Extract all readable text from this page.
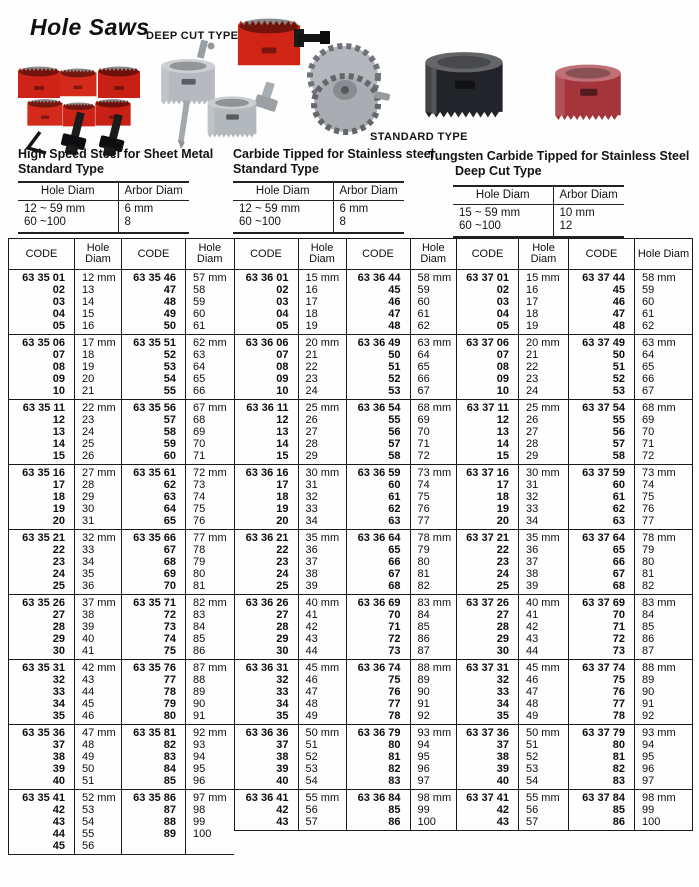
Hole Saws
DEEP CUT TYPE
STANDARD TYPE
High Speed Steel for Sheet Metal
Standard Type
Carbide Tipped for Stainless steel
Standard Type
Tungsten Carbide Tipped for Stainless Steel
Deep Cut Type
Hole Diam	Arbor Diam
12 ~ 59 mm	6 mm
60 ~100	8
Hole Diam	Arbor Diam
12 ~ 59 mm	6 mm
60 ~100	8
Hole Diam	Arbor Diam
15 ~ 59 mm	10 mm
60 ~100	12
CODE	Hole Diam	CODE	Hole Diam
63 35 01	12 mm	63 35 46	57 mm
02	13	47	58
03	14	48	59
04	15	49	60
05	16	50	61
63 35 06	17 mm	63 35 51	62 mm
07	18	52	63
08	19	53	64
09	20	54	65
10	21	55	66
63 35 11	22 mm	63 35 56	67 mm
12	23	57	68
13	24	58	69
14	25	59	70
15	26	60	71
63 35 16	27 mm	63 35 61	72 mm
17	28	62	73
18	29	63	74
19	30	64	75
20	31	65	76
63 35 21	32 mm	63 35 66	77 mm
22	33	67	78
23	34	68	79
24	35	69	80
25	36	70	81
63 35 26	37 mm	63 35 71	82 mm
27	38	72	83
28	39	73	84
29	40	74	85
30	41	75	86
63 35 31	42 mm	63 35 76	87 mm
32	43	77	88
33	44	78	89
34	45	79	90
35	46	80	91
63 35 36	47 mm	63 35 81	92 mm
37	48	82	93
38	49	83	94
39	50	84	95
40	51	85	96
63 35 41	52 mm	63 35 86	97 mm
42	53	87	98
43	54	88	99
44	55	89	100
45	56		
CODE	Hole Diam	CODE	Hole Diam
63 36 01	15 mm	63 36 44	58 mm
02	16	45	59
03	17	46	60
04	18	47	61
05	19	48	62
63 36 06	20 mm	63 36 49	63 mm
07	21	50	64
08	22	51	65
09	23	52	66
10	24	53	67
63 36 11	25 mm	63 36 54	68 mm
12	26	55	69
13	27	56	70
14	28	57	71
15	29	58	72
63 36 16	30 mm	63 36 59	73 mm
17	31	60	74
18	32	61	75
19	33	62	76
20	34	63	77
63 36 21	35 mm	63 36 64	78 mm
22	36	65	79
23	37	66	80
24	38	67	81
25	39	68	82
63 36 26	40 mm	63 36 69	83 mm
27	41	70	84
28	42	71	85
29	43	72	86
30	44	73	87
63 36 31	45 mm	63 36 74	88 mm
32	46	75	89
33	47	76	90
34	48	77	91
35	49	78	92
63 36 36	50 mm	63 36 79	93 mm
37	51	80	94
38	52	81	95
39	53	82	96
40	54	83	97
63 36 41	55 mm	63 36 84	98 mm
42	56	85	99
43	57	86	100
CODE	Hole Diam	CODE	Hole Diam
63 37 01	15 mm	63 37 44	58 mm
02	16	45	59
03	17	46	60
04	18	47	61
05	19	48	62
63 37 06	20 mm	63 37 49	63 mm
07	21	50	64
08	22	51	65
09	23	52	66
10	24	53	67
63 37 11	25 mm	63 37 54	68 mm
12	26	55	69
13	27	56	70
14	28	57	71
15	29	58	72
63 37 16	30 mm	63 37 59	73 mm
17	31	60	74
18	32	61	75
19	33	62	76
20	34	63	77
63 37 21	35 mm	63 37 64	78 mm
22	36	65	79
23	37	66	80
24	38	67	81
25	39	68	82
63 37 26	40 mm	63 37 69	83 mm
27	41	70	84
28	42	71	85
29	43	72	86
30	44	73	87
63 37 31	45 mm	63 37 74	88 mm
32	46	75	89
33	47	76	90
34	48	77	91
35	49	78	92
63 37 36	50 mm	63 37 79	93 mm
37	51	80	94
38	52	81	95
39	53	82	96
40	54	83	97
63 37 41	55 mm	63 37 84	98 mm
42	56	85	99
43	57	86	100
